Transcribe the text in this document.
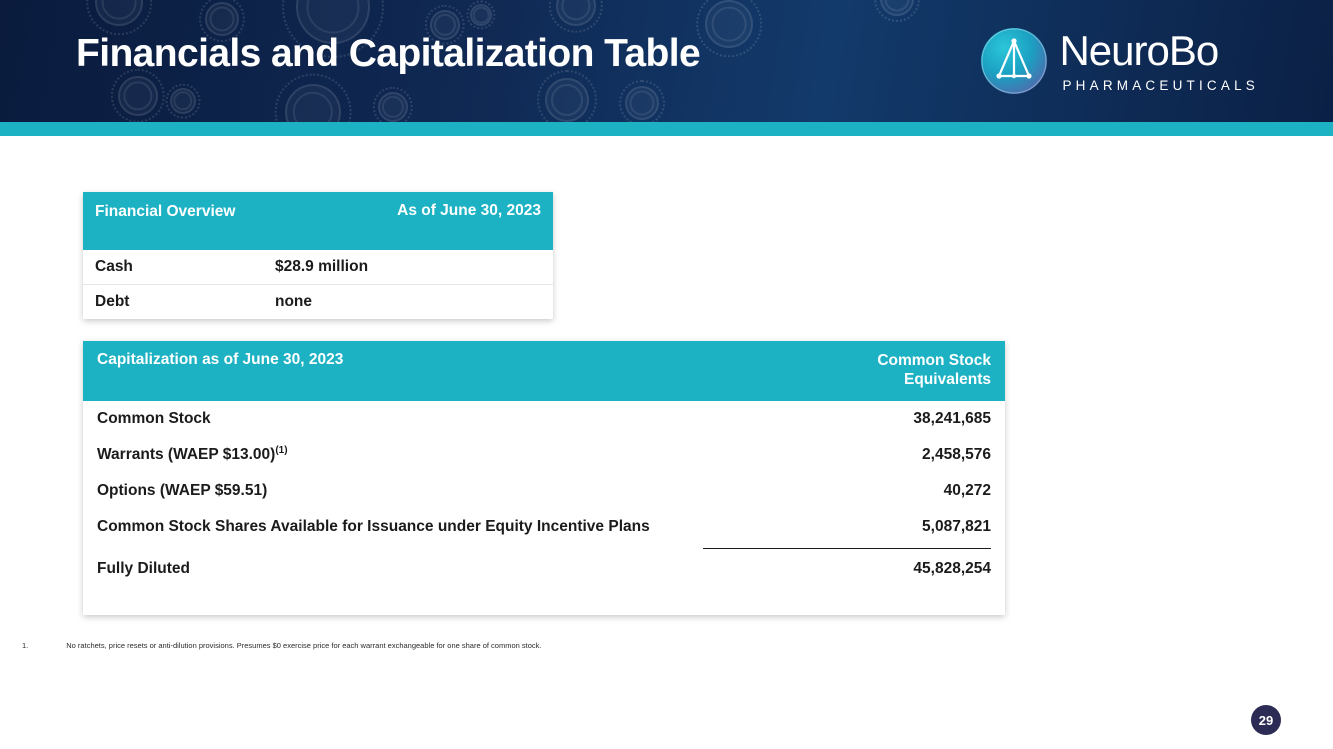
Financials and Capitalization Table	NeuroBo
PHARMACEUTICALS
Financial Overview	As of June 30, 2023
Cash	$28.9 million
Debt	none
Capitalization as of June 30, 2023	Common Stock Equivalents
Common Stock	38,241,685
Warrants (WAEP $13.00)$^{(1)}$	2,458,576
Options (WAEP $59.51)	40,272
Common Stock Shares Available for Issuance under Equity Incentive Plans	5,087,821
Fully Diluted	45,828,254
1.	No ratchets, price resets or anti-dilution provisions. Presumes $0 exercise price for each warrant exchangeable for one share of common stock.
29
